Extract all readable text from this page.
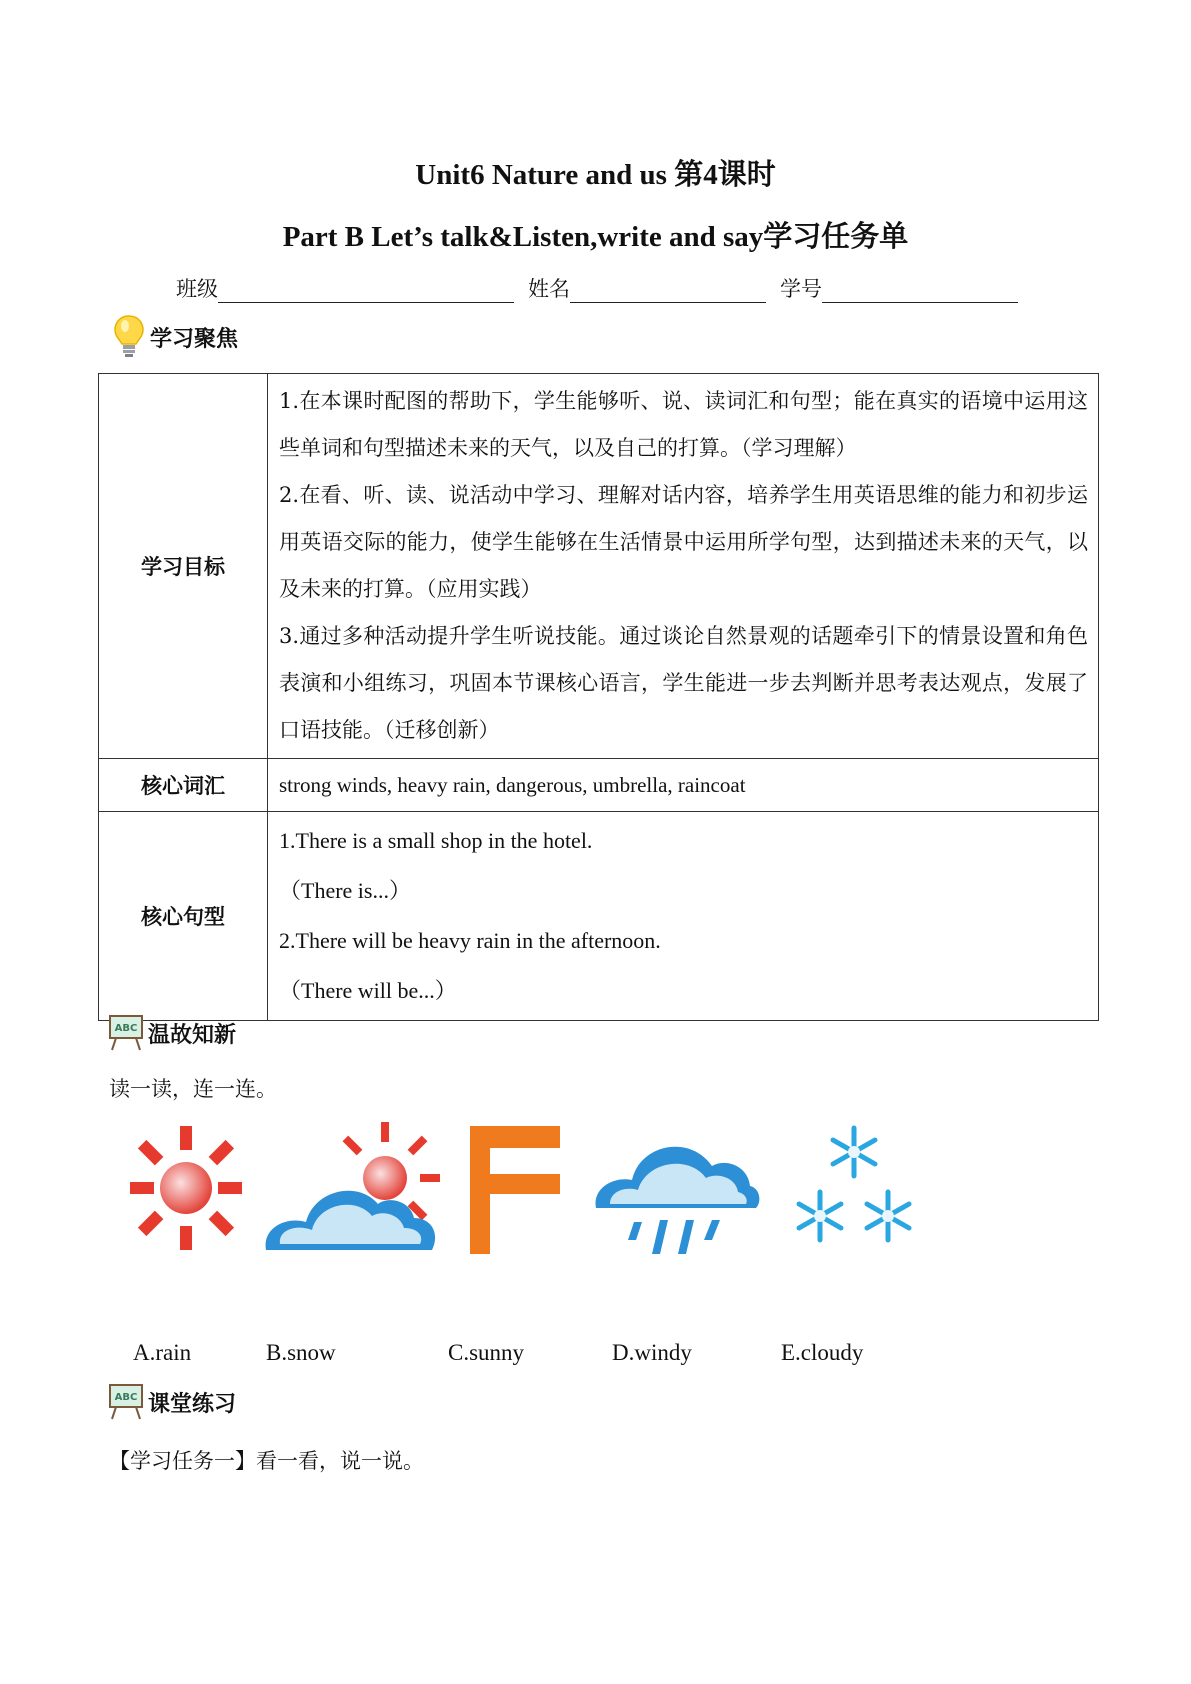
Unit6 Nature and us 第4课时
Part B Let’s talk&Listen,write and say学习任务单
班级	姓名	学号
学习聚焦
学习目标	1.在本课时配图的帮助下，学生能够听、说、读词汇和句型；能在真实的语境中运用这些单词和句型描述未来的天气，以及自己的打算。（学习理解）

2.在看、听、读、说活动中学习、理解对话内容，培养学生用英语思维的能力和初步运用英语交际的能力，使学生能够在生活情景中运用所学句型，达到描述未来的天气，以及未来的打算。（应用实践）

3.通过多种活动提升学生听说技能。通过谈论自然景观的话题牵引下的情景设置和角色表演和小组练习，巩固本节课核心语言，学生能进一步去判断并思考表达观点，发展了口语技能。（迁移创新）

核心词汇	strong winds, heavy rain, dangerous, umbrella, raincoat
核心句型	1.There is a small shop in the hotel.

（There is...）

2.There will be heavy rain in the afternoon.

（There will be...）

ABC 温故知新
读一读，连一连。
A.rain	B.snow	C.sunny	D.windy	E.cloudy
ABC 课堂练习
【学习任务一】看一看，说一说。
